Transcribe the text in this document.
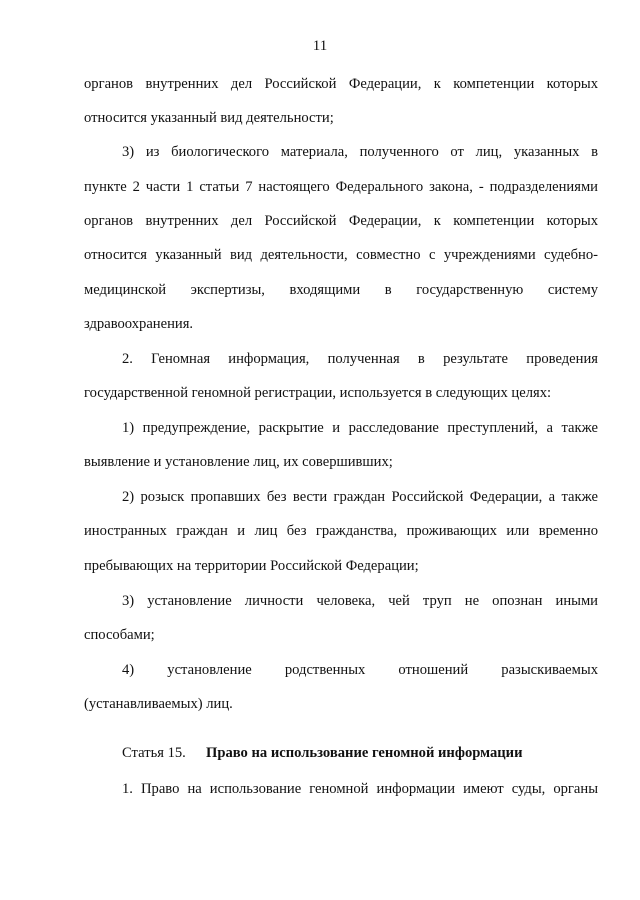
11
органов внутренних дел Российской Федерации, к компетенции которых
относится указанный вид деятельности;
3) из биологического материала, полученного от лиц, указанных в
пункте 2 части 1 статьи 7 настоящего Федерального закона, - подразделениями
органов внутренних дел Российской Федерации, к компетенции которых
относится указанный вид деятельности, совместно с учреждениями судебно-
медицинской экспертизы, входящими в государственную систему
здравоохранения.
2. Геномная информация, полученная в результате проведения
государственной геномной регистрации, используется в следующих целях:
1) предупреждение, раскрытие и расследование преступлений, а также
выявление и установление лиц, их совершивших;
2) розыск пропавших без вести граждан Российской Федерации, а также
иностранных граждан и лиц без гражданства, проживающих или временно
пребывающих на территории Российской Федерации;
3) установление личности человека, чей труп не опознан иными
способами;
4) установление родственных отношений разыскиваемых
(устанавливаемых) лиц.
Статья 15. Право на использование геномной информации
1. Право на использование геномной информации имеют суды, органы
